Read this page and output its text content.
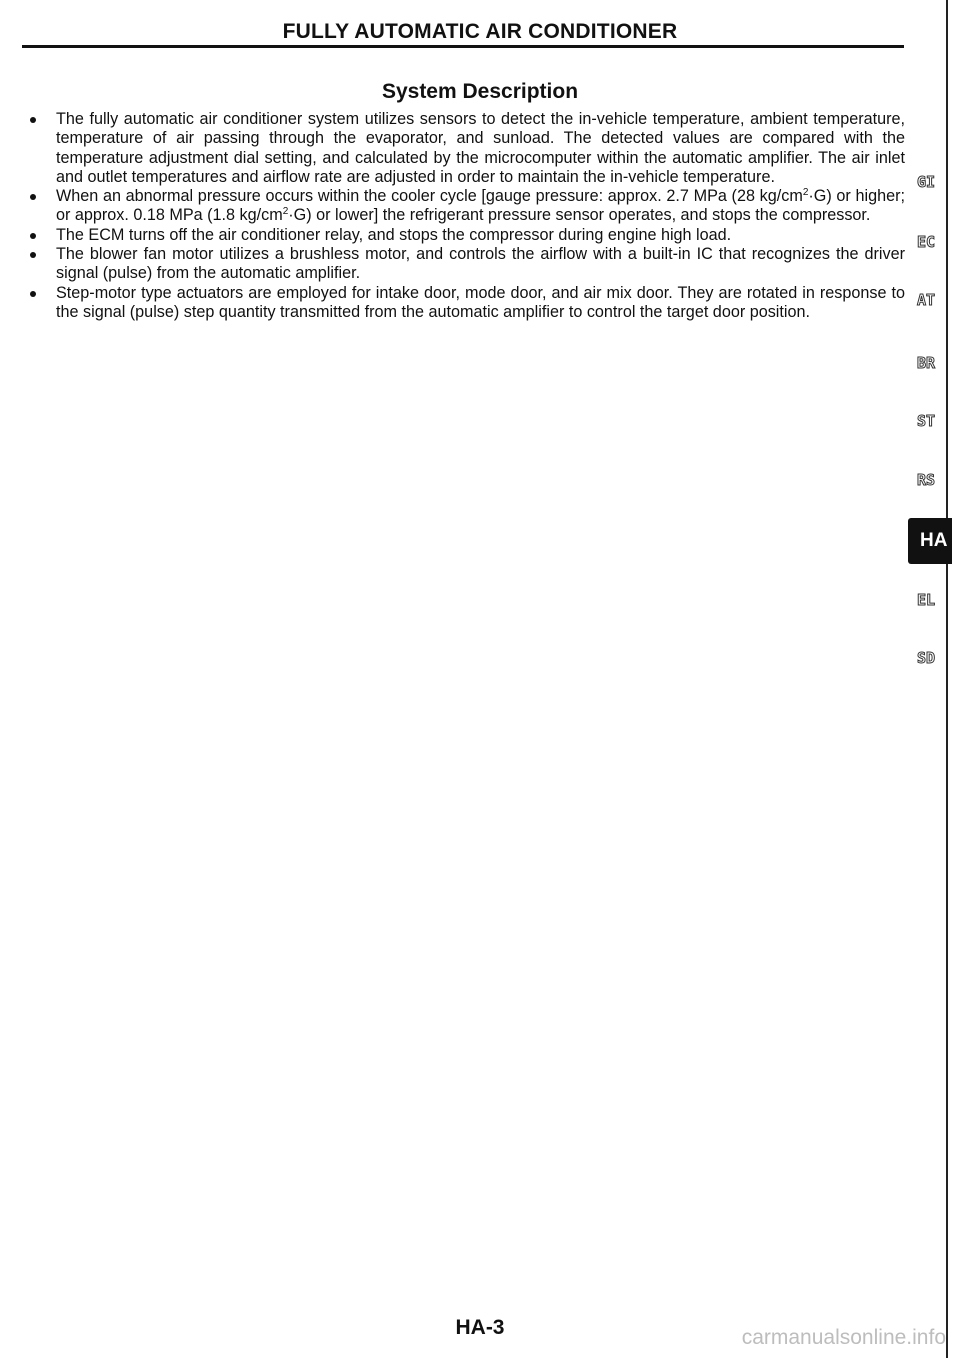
FULLY AUTOMATIC AIR CONDITIONER
System Description
The fully automatic air conditioner system utilizes sensors to detect the in-vehicle temperature, ambient temperature, temperature of air passing through the evaporator, and sunload. The detected values are compared with the temperature adjustment dial setting, and calculated by the microcomputer within the automatic amplifier. The air inlet and outlet temperatures and airflow rate are adjusted in order to maintain the in-vehicle temperature.
When an abnormal pressure occurs within the cooler cycle [gauge pressure: approx. 2.7 MPa (28 $kg/cm^2\cdot G$) or higher; or approx. 0.18 MPa (1.8 $kg/cm^2\cdot G$) or lower] the refrigerant pressure sensor operates, and stops the compressor.
The ECM turns off the air conditioner relay, and stops the compressor during engine high load.
The blower fan motor utilizes a brushless motor, and controls the airflow with a built-in IC that recognizes the driver signal (pulse) from the automatic amplifier.
Step-motor type actuators are employed for intake door, mode door, and air mix door. They are rotated in response to the signal (pulse) step quantity transmitted from the automatic amplifier to control the target door position.
GI
EC
AT
BR
ST
RS
HA
EL
SD
HA-3	carmanualsonline.info
